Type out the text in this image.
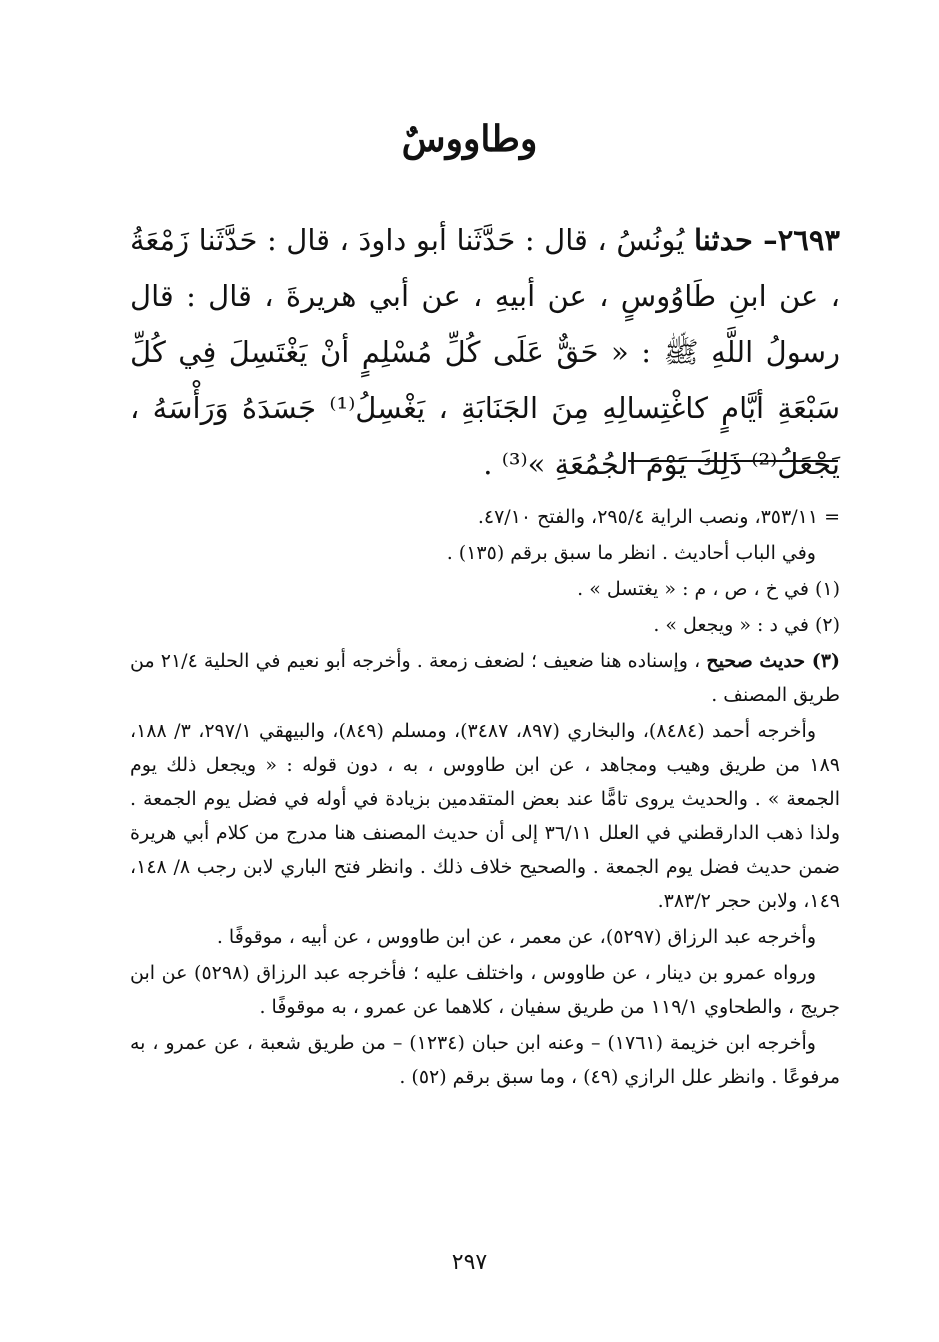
وطاووسٌ

٢٦٩٣– حدثنا يُونُسُ ، قال : حَدَّثَنا أبو داودَ ، قال : حَدَّثَنا زَمْعَةُ ، عن ابنِ طَاوُوسٍ ، عن أبيهِ ، عن أبي هريرةَ ، قال : قال رسولُ اللَّهِ ﷺ : « حَقٌّ عَلَى كُلِّ مُسْلِمٍ أنْ يَغْتَسِلَ فِي كُلِّ سَبْعَةِ أيَّامٍ كاغْتِسالِهِ مِنَ الجَنَابَةِ ، يَغْسِلُ⁽¹⁾ جَسَدَهُ وَرَأْسَهُ ، يَجْعَلُ⁽²⁾ ذَلِكَ يَوْمَ الجُمُعَةِ »⁽³⁾ .

= ٣٥٣/١١، ونصب الراية ٢٩٥/٤، والفتح ٤٧/١٠.

وفي الباب أحاديث . انظر ما سبق برقم (١٣٥) .

(١) في خ ، ص ، م : « يغتسل » .

(٢) في د : « ويجعل » .

(٣) حديث صحيح ، وإسناده هنا ضعيف ؛ لضعف زمعة . وأخرجه أبو نعيم في الحلية ٢١/٤ من طريق المصنف .

وأخرجه أحمد (٨٤٨٤)، والبخاري (٨٩٧، ٣٤٨٧)، ومسلم (٨٤٩)، والبيهقي ٢٩٧/١، ٣/ ١٨٨، ١٨٩ من طريق وهيب ومجاهد ، عن ابن طاووس ، به ، دون قوله : « ويجعل ذلك يوم الجمعة » . والحديث يروى تامًّا عند بعض المتقدمين بزيادة في أوله في فضل يوم الجمعة . ولذا ذهب الدارقطني في العلل ٣٦/١١ إلى أن حديث المصنف هنا مدرج من كلام أبي هريرة ضمن حديث فضل يوم الجمعة . والصحيح خلاف ذلك . وانظر فتح الباري لابن رجب ٨/ ١٤٨، ١٤٩، ولابن حجر ٣٨٣/٢.

وأخرجه عبد الرزاق (٥٢٩٧)، عن معمر ، عن ابن طاووس ، عن أبيه ، موقوفًا .

ورواه عمرو بن دينار ، عن طاووس ، واختلف عليه ؛ فأخرجه عبد الرزاق (٥٢٩٨) عن ابن جريج ، والطحاوي ١١٩/١ من طريق سفيان ، كلاهما عن عمرو ، به موقوفًا .

وأخرجه ابن خزيمة (١٧٦١) – وعنه ابن حبان (١٢٣٤) – من طريق شعبة ، عن عمرو ، به مرفوعًا . وانظر علل الرازي (٤٩) ، وما سبق برقم (٥٢) .

٢٩٧
